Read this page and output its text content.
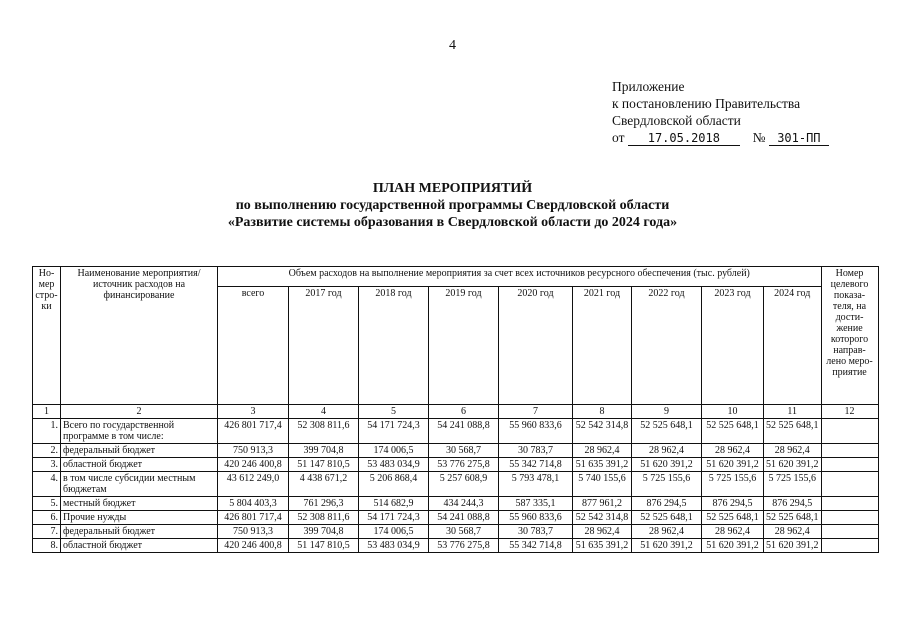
4
Приложение
к постановлению Правительства
Свердловской области
от 17.05.2018 № 301-ПП
ПЛАН МЕРОПРИЯТИЙ
по выполнению государственной программы Свердловской области
«Развитие системы образования в Свердловской области до 2024 года»
Но-мер стро-ки	Наименование мероприятия/ источник расходов на финансирование	Объем расходов на выполнение мероприятия за счет всех источников ресурсного обеспечения (тыс. рублей)									Номер целевого показа-теля, на дости-жение которого направ-лено меро-приятие
		всего	2017 год	2018 год	2019 год	2020 год	2021 год	2022 год	2023 год	2024 год	
1	2	3	4	5	6	7	8	9	10	11	12
1.	Всего по государственной программе в том числе:	426 801 717,4	52 308 811,6	54 171 724,3	54 241 088,8	55 960 833,6	52 542 314,8	52 525 648,1	52 525 648,1	52 525 648,1	
2.	федеральный бюджет	750 913,3	399 704,8	174 006,5	30 568,7	30 783,7	28 962,4	28 962,4	28 962,4	28 962,4	
3.	областной бюджет	420 246 400,8	51 147 810,5	53 483 034,9	53 776 275,8	55 342 714,8	51 635 391,2	51 620 391,2	51 620 391,2	51 620 391,2	
4.	в том числе субсидии местным бюджетам	43 612 249,0	4 438 671,2	5 206 868,4	5 257 608,9	5 793 478,1	5 740 155,6	5 725 155,6	5 725 155,6	5 725 155,6	
5.	местный бюджет	5 804 403,3	761 296,3	514 682,9	434 244,3	587 335,1	877 961,2	876 294,5	876 294,5	876 294,5	
6.	Прочие нужды	426 801 717,4	52 308 811,6	54 171 724,3	54 241 088,8	55 960 833,6	52 542 314,8	52 525 648,1	52 525 648,1	52 525 648,1	
7.	федеральный бюджет	750 913,3	399 704,8	174 006,5	30 568,7	30 783,7	28 962,4	28 962,4	28 962,4	28 962,4	
8.	областной бюджет	420 246 400,8	51 147 810,5	53 483 034,9	53 776 275,8	55 342 714,8	51 635 391,2	51 620 391,2	51 620 391,2	51 620 391,2	
